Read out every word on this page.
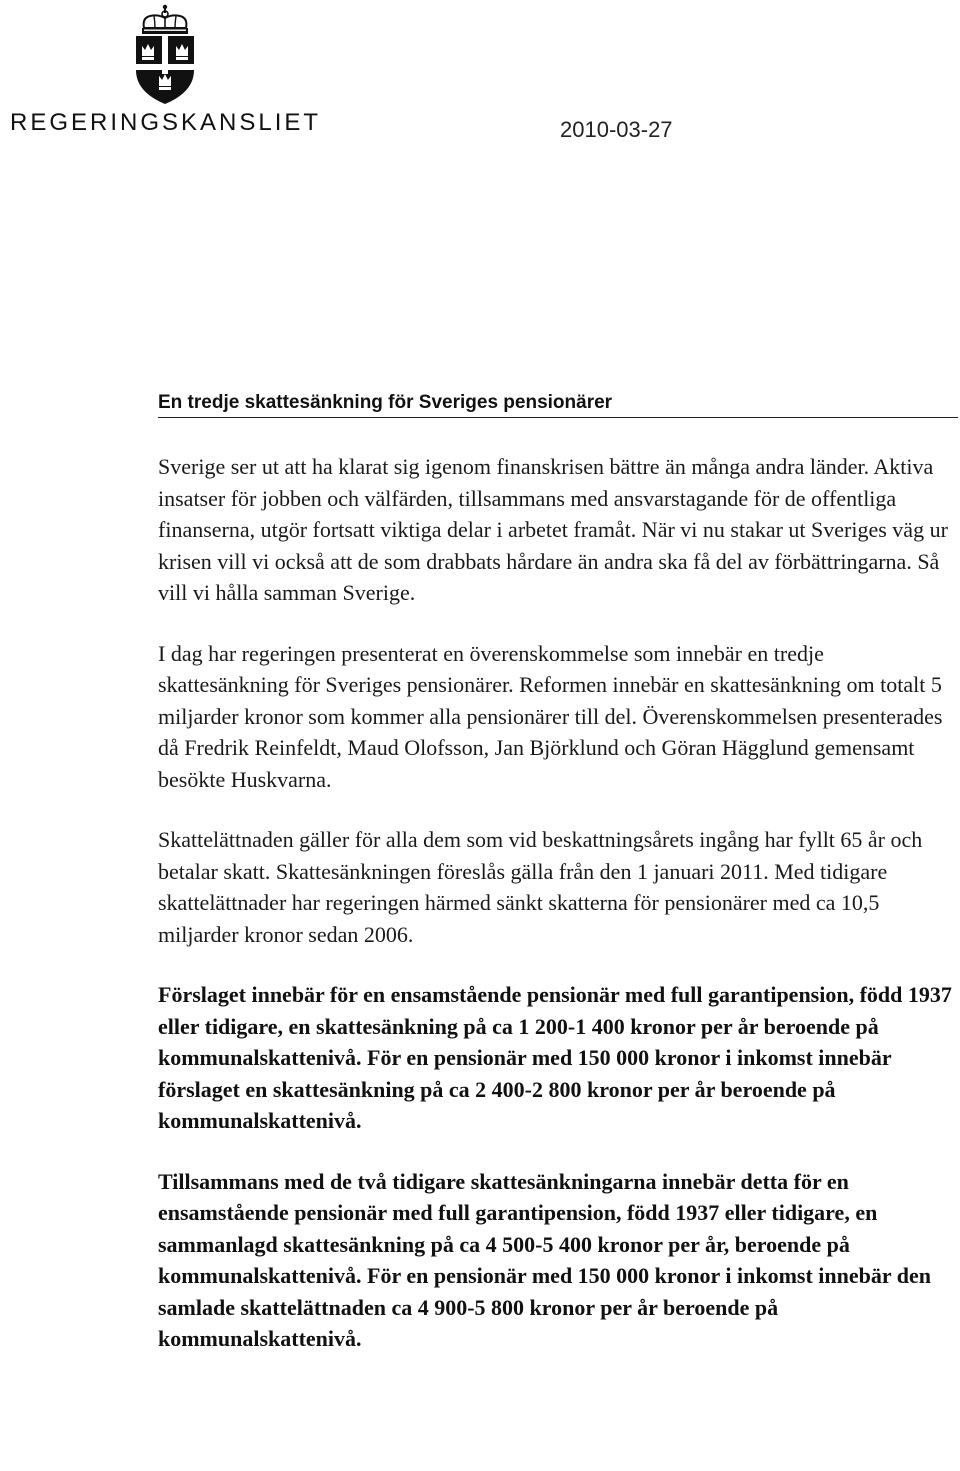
REGERINGSKANSLIET	2010-03-27
En tredje skattesänkning för Sveriges pensionärer

Sverige ser ut att ha klarat sig igenom finanskrisen bättre än många andra länder. Aktiva insatser för jobben och välfärden, tillsammans med ansvarstagande för de offentliga finanserna, utgör fortsatt viktiga delar i arbetet framåt. När vi nu stakar ut Sveriges väg ur krisen vill vi också att de som drabbats hårdare än andra ska få del av förbättringarna. Så vill vi hålla samman Sverige.

I dag har regeringen presenterat en överenskommelse som innebär en tredje skattesänkning för Sveriges pensionärer. Reformen innebär en skattesänkning om totalt 5 miljarder kronor som kommer alla pensionärer till del. Överenskommelsen presenterades då Fredrik Reinfeldt, Maud Olofsson, Jan Björklund och Göran Hägglund gemensamt besökte Huskvarna.

Skattelättnaden gäller för alla dem som vid beskattningsårets ingång har fyllt 65 år och betalar skatt. Skattesänkningen föreslås gälla från den 1 januari 2011. Med tidigare skattelättnader har regeringen härmed sänkt skatterna för pensionärer med ca 10,5 miljarder kronor sedan 2006.

Förslaget innebär för en ensamstående pensionär med full garantipension, född 1937 eller tidigare, en skattesänkning på ca 1 200-1 400 kronor per år beroende på kommunalskattenivå. För en pensionär med 150 000 kronor i inkomst innebär förslaget en skattesänkning på ca 2 400-2 800 kronor per år beroende på kommunalskattenivå.

Tillsammans med de två tidigare skattesänkningarna innebär detta för en ensamstående pensionär med full garantipension, född 1937 eller tidigare, en sammanlagd skattesänkning på ca 4 500-5 400 kronor per år, beroende på kommunalskattenivå. För en pensionär med 150 000 kronor i inkomst innebär den samlade skattelättnaden ca 4 900-5 800 kronor per år beroende på kommunalskattenivå.
